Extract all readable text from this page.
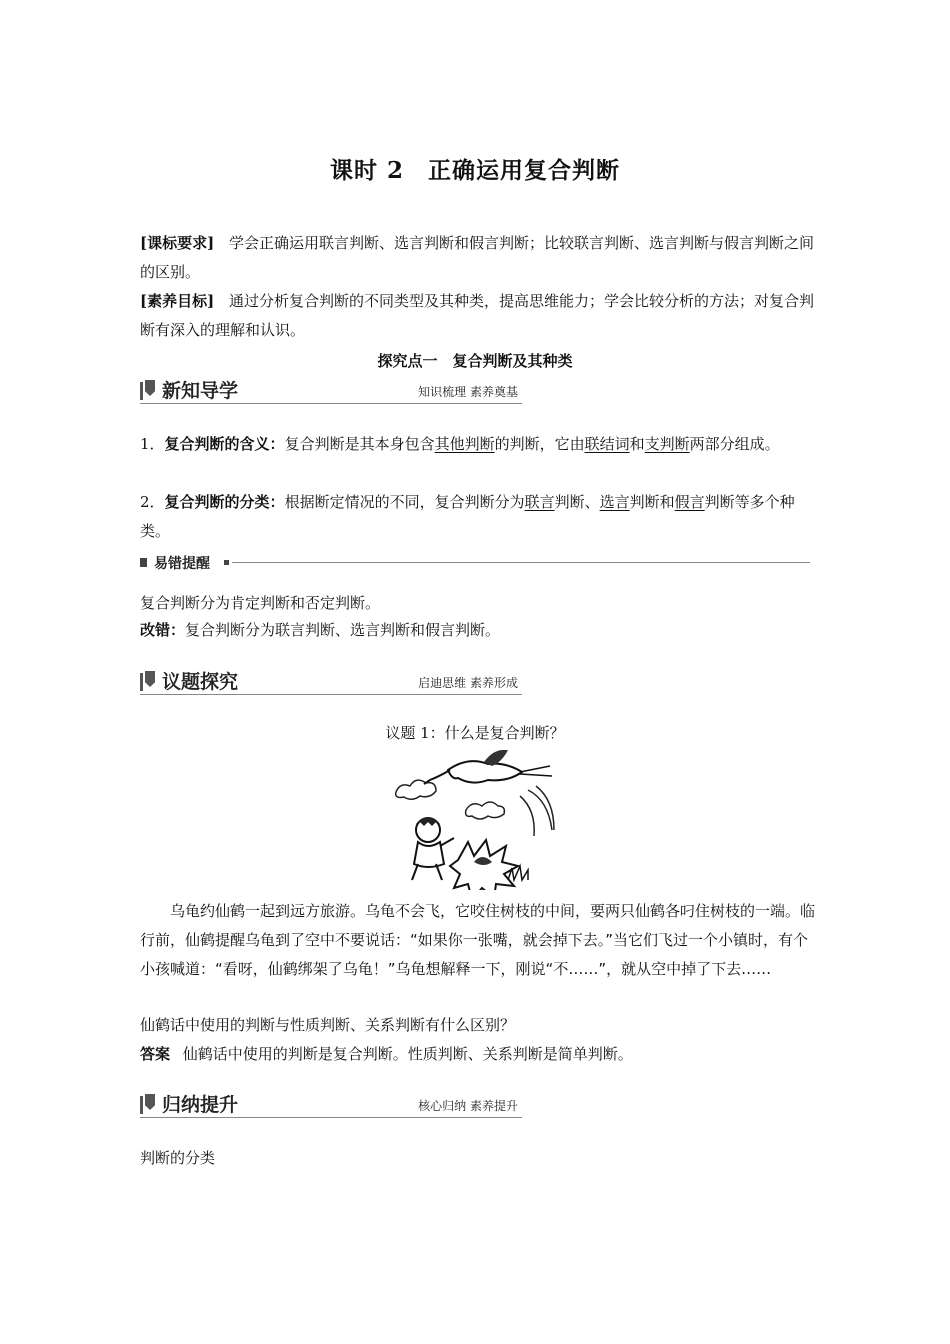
课时 2　正确运用复合判断
[课标要求] 学会正确运用联言判断、选言判断和假言判断；比较联言判断、选言判断与假言判断之间的区别。
[素养目标] 通过分析复合判断的不同类型及其种类，提高思维能力；学会比较分析的方法；对复合判断有深入的理解和认识。
探究点一　复合判断及其种类
新知导学	知识梳理 素养奠基
1．复合判断的含义：复合判断是其本身包含其他判断的判断，它由联结词和支判断两部分组成。
2．复合判断的分类：根据断定情况的不同，复合判断分为联言判断、选言判断和假言判断等多个种类。
易错提醒
复合判断分为肯定判断和否定判断。
改错：复合判断分为联言判断、选言判断和假言判断。
议题探究	启迪思维 素养形成
议题 1：什么是复合判断？
乌龟约仙鹤一起到远方旅游。乌龟不会飞，它咬住树枝的中间，要两只仙鹤各叼住树枝的一端。临行前，仙鹤提醒乌龟到了空中不要说话：“如果你一张嘴，就会掉下去。”当它们飞过一个小镇时，有个小孩喊道：“看呀，仙鹤绑架了乌龟！”乌龟想解释一下，刚说“不……”，就从空中掉了下去……
仙鹤话中使用的判断与性质判断、关系判断有什么区别？
答案 仙鹤话中使用的判断是复合判断。性质判断、关系判断是简单判断。
归纳提升	核心归纳 素养提升
判断的分类
